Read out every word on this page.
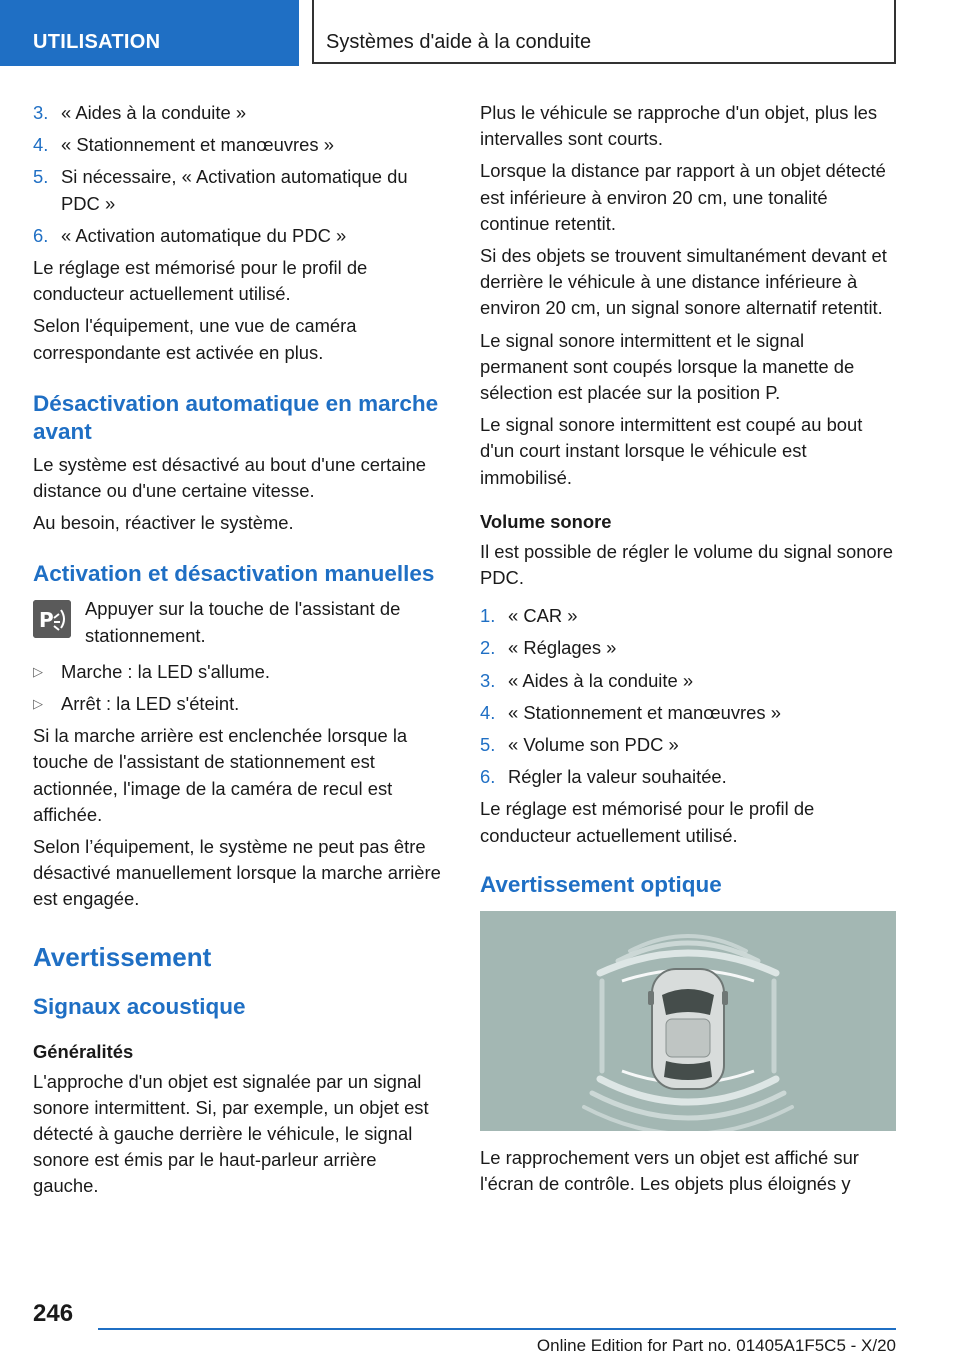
UTILISATION	Systèmes d'aide à la conduite
3. « Aides à la conduite »
4. « Stationnement et manœuvres »
5. Si nécessaire, « Activation automatique du PDC »
6. « Activation automatique du PDC »

Le réglage est mémorisé pour le profil de conducteur actuellement utilisé.

Selon l'équipement, une vue de caméra correspondante est activée en plus.

Désactivation automatique en marche avant

Le système est désactivé au bout d'une certaine distance ou d'une certaine vitesse.

Au besoin, réactiver le système.

Activation et désactivation manuelles
P Appuyer sur la touche de l'assistant de stationnement.
▷ Marche : la LED s'allume.
▷ Arrêt : la LED s'éteint.

Si la marche arrière est enclenchée lorsque la touche de l'assistant de stationnement est actionnée, l'image de la caméra de recul est affichée.

Selon l’équipement, le système ne peut pas être désactivé manuellement lorsque la marche arrière est engagée.

Avertissement
Signaux acoustique
Généralités

L'approche d'un objet est signalée par un signal sonore intermittent. Si, par exemple, un objet est détecté à gauche derrière le véhicule, le signal sonore est émis par le haut-parleur arrière gauche.

Plus le véhicule se rapproche d'un objet, plus les intervalles sont courts.

Lorsque la distance par rapport à un objet détecté est inférieure à environ 20 cm, une tonalité continue retentit.

Si des objets se trouvent simultanément devant et derrière le véhicule à une distance inférieure à environ 20 cm, un signal sonore alternatif retentit.

Le signal sonore intermittent et le signal permanent sont coupés lorsque la manette de sélection est placée sur la position P.

Le signal sonore intermittent est coupé au bout d'un court instant lorsque le véhicule est immobilisé.

Volume sonore

Il est possible de régler le volume du signal sonore PDC.

1. « CAR »
2. « Réglages »
3. « Aides à la conduite »
4. « Stationnement et manœuvres »
5. « Volume son PDC »
6. Régler la valeur souhaitée.

Le réglage est mémorisé pour le profil de conducteur actuellement utilisé.

Avertissement optique

Le rapprochement vers un objet est affiché sur l'écran de contrôle. Les objets plus éloignés y

246
Online Edition for Part no. 01405A1F5C5 - X/20
